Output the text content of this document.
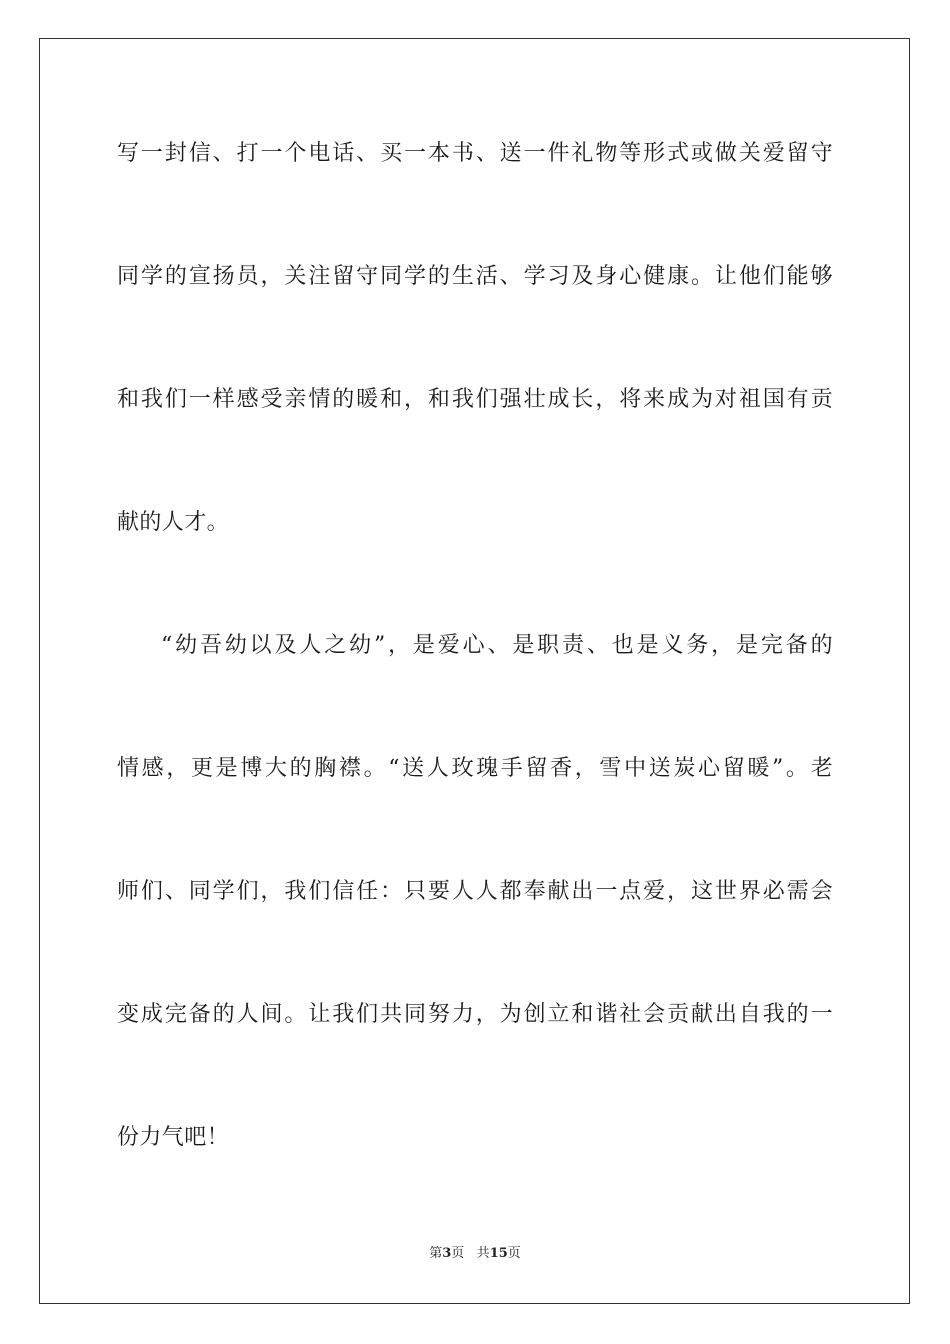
写一封信、打一个电话、买一本书、送一件礼物等形式或做关爱留守
同学的宣扬员，关注留守同学的生活、学习及身心健康。让他们能够
和我们一样感受亲情的暖和，和我们强壮成长，将来成为对祖国有贡
献的人才。
“幼吾幼以及人之幼”，是爱心、是职责、也是义务，是完备的
情感，更是博大的胸襟。“送人玫瑰手留香，雪中送炭心留暖”。老
师们、同学们，我们信任：只要人人都奉献出一点爱，这世界必需会
变成完备的人间。让我们共同努力，为创立和谐社会贡献出自我的一
份力气吧！
第3页 共15页
